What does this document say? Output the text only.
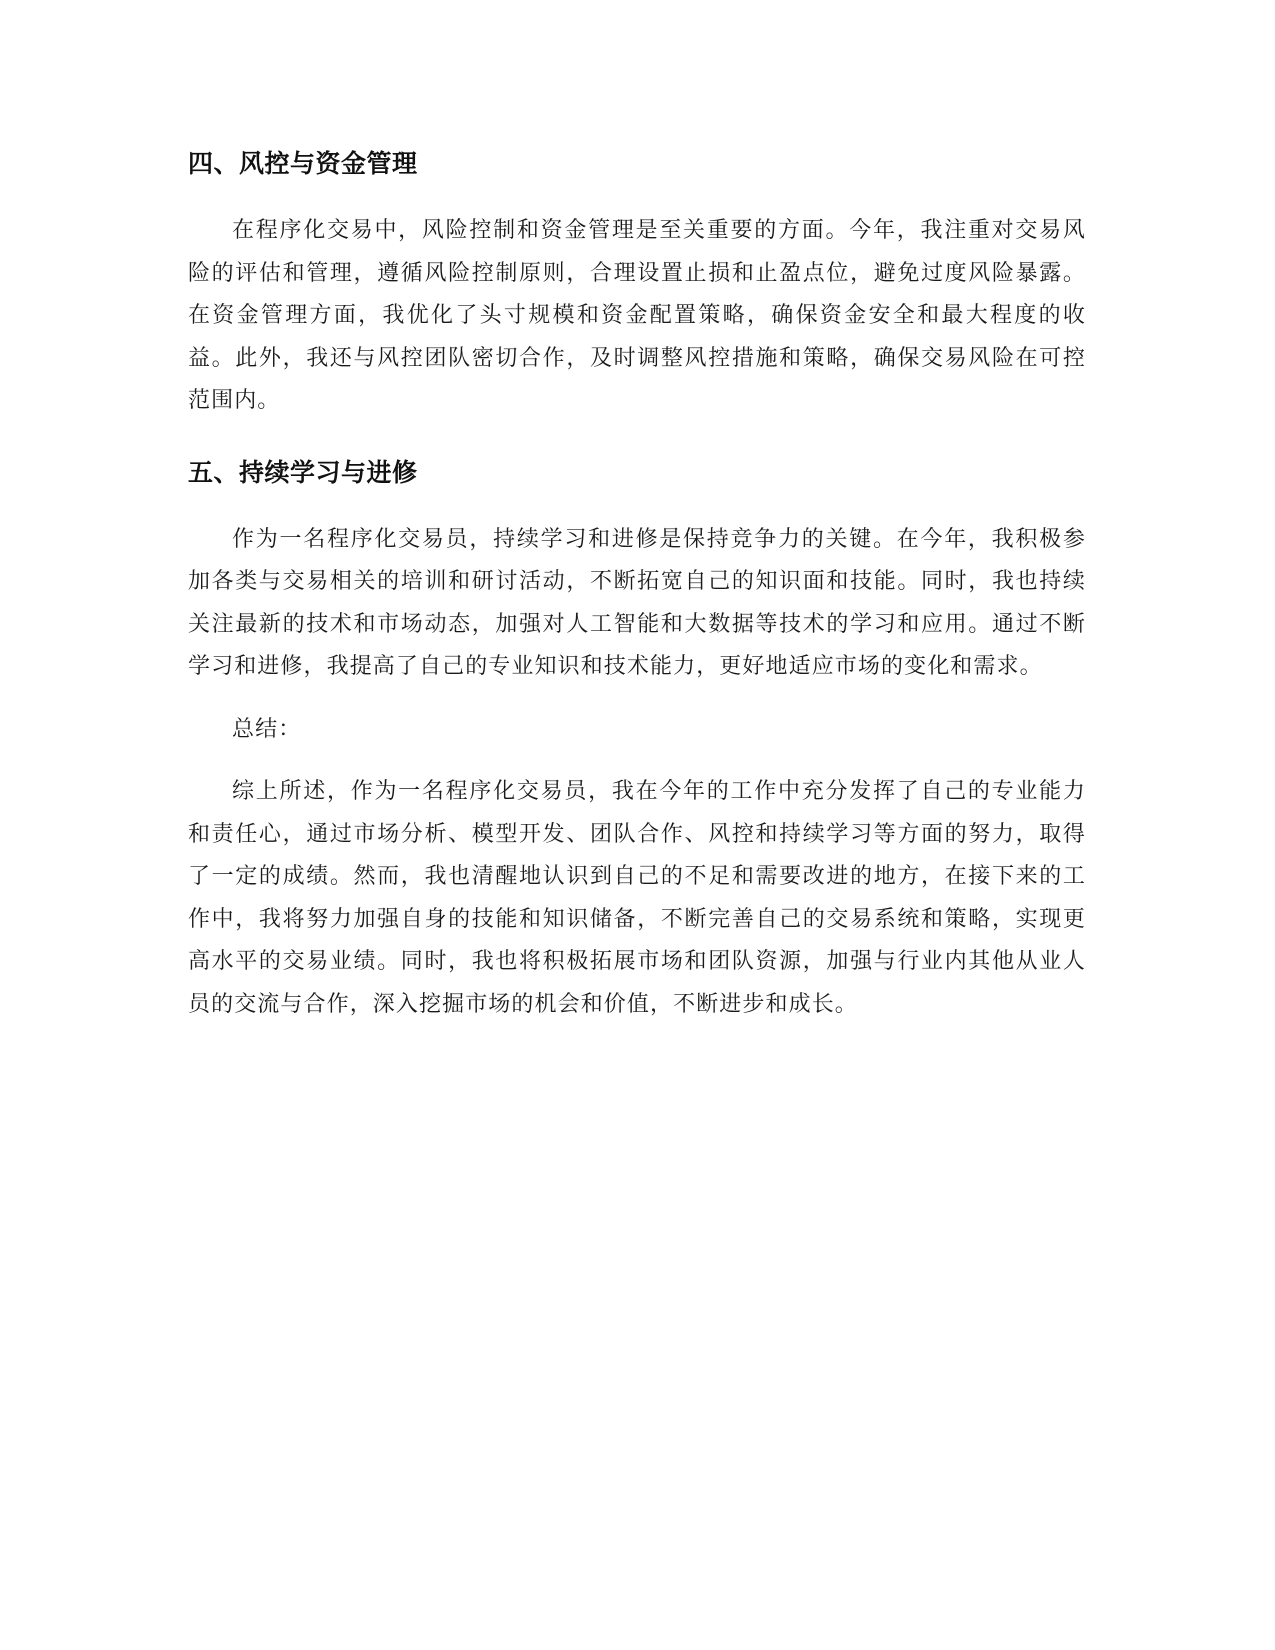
四、风控与资金管理

在程序化交易中，风险控制和资金管理是至关重要的方面。今年，我注重对交易风险的评估和管理，遵循风险控制原则，合理设置止损和止盈点位，避免过度风险暴露。在资金管理方面，我优化了头寸规模和资金配置策略，确保资金安全和最大程度的收益。此外，我还与风控团队密切合作，及时调整风控措施和策略，确保交易风险在可控范围内。

五、持续学习与进修

作为一名程序化交易员，持续学习和进修是保持竞争力的关键。在今年，我积极参加各类与交易相关的培训和研讨活动，不断拓宽自己的知识面和技能。同时，我也持续关注最新的技术和市场动态，加强对人工智能和大数据等技术的学习和应用。通过不断学习和进修，我提高了自己的专业知识和技术能力，更好地适应市场的变化和需求。

总结：

综上所述，作为一名程序化交易员，我在今年的工作中充分发挥了自己的专业能力和责任心，通过市场分析、模型开发、团队合作、风控和持续学习等方面的努力，取得了一定的成绩。然而，我也清醒地认识到自己的不足和需要改进的地方，在接下来的工作中，我将努力加强自身的技能和知识储备，不断完善自己的交易系统和策略，实现更高水平的交易业绩。同时，我也将积极拓展市场和团队资源，加强与行业内其他从业人员的交流与合作，深入挖掘市场的机会和价值，不断进步和成长。
